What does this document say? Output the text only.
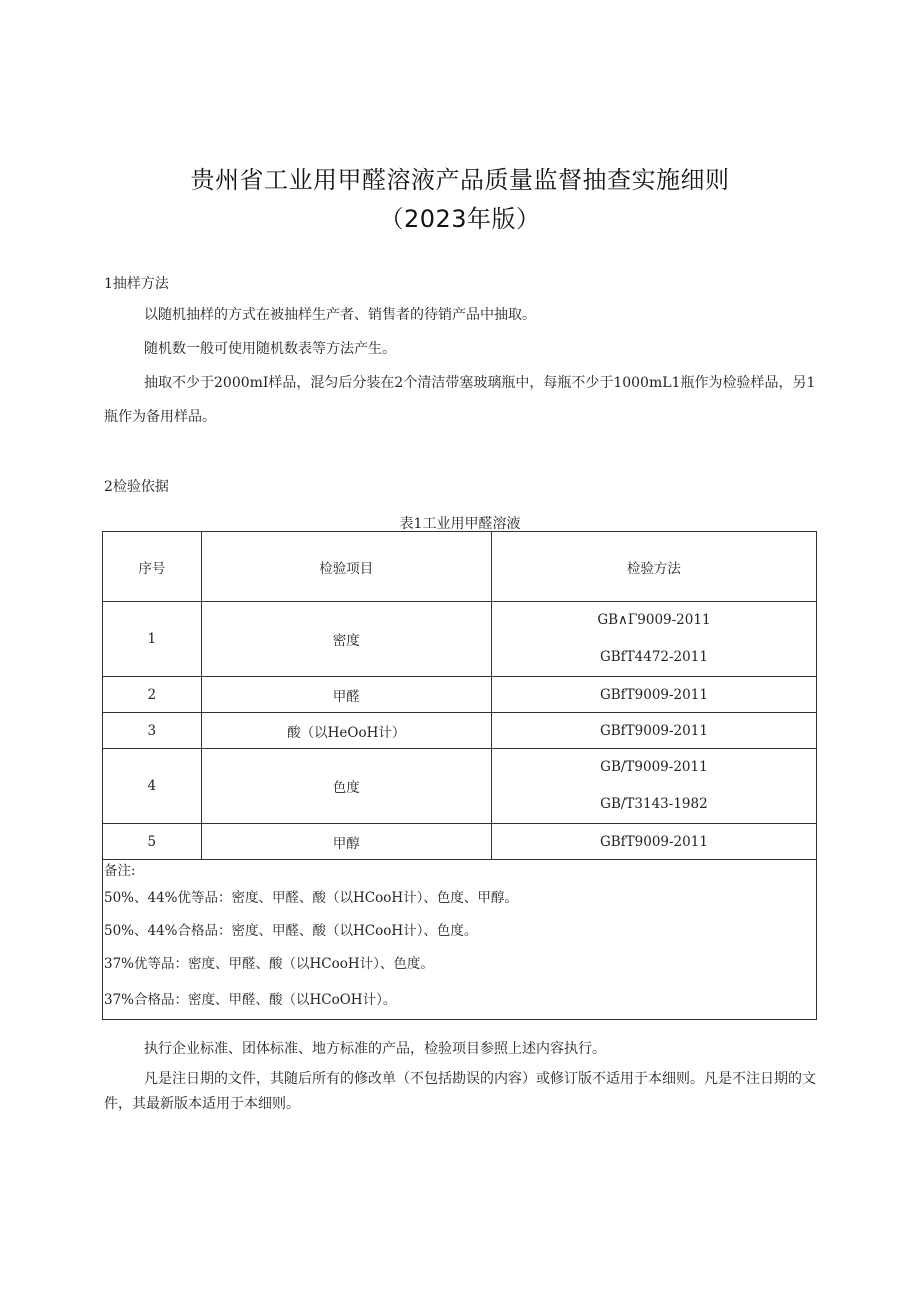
贵州省工业用甲醛溶液产品质量监督抽查实施细则
（2023年版）
1抽样方法

以随机抽样的方式在被抽样生产者、销售者的待销产品中抽取。

随机数一般可使用随机数表等方法产生。

抽取不少于2000mI样品，混匀后分装在2个清洁带塞玻璃瓶中，每瓶不少于1000mL1瓶作为检验样品，另1瓶作为备用样品。

2检验依据
表1工业用甲醛溶液
序号	检验项目	检验方法
1	密度	GB∧Γ9009-2011
GBfT4472-2011

2	甲醛	GBfT9009-2011
3	酸（以HeOoH计）	GBfT9009-2011
4	色度	GB/T9009-2011
GB/T3143-1982

5	甲醇	GBfT9009-2011

备注:
50%、44%优等品：密度、甲醛、酸（以HCooH计）、色度、甲醇。
50%、44%合格品：密度、甲醛、酸（以HCooH计）、色度。
37%优等品：密度、甲醛、酸（以HCooH计）、色度。
37%合格品：密度、甲醛、酸（以HCoOH计）。		

执行企业标准、团体标准、地方标准的产品，检验项目参照上述内容执行。

凡是注日期的文件，其随后所有的修改单（不包括勘误的内容）或修订版不适用于本细则。凡是不注日期的文件，其最新版本适用于本细则。
